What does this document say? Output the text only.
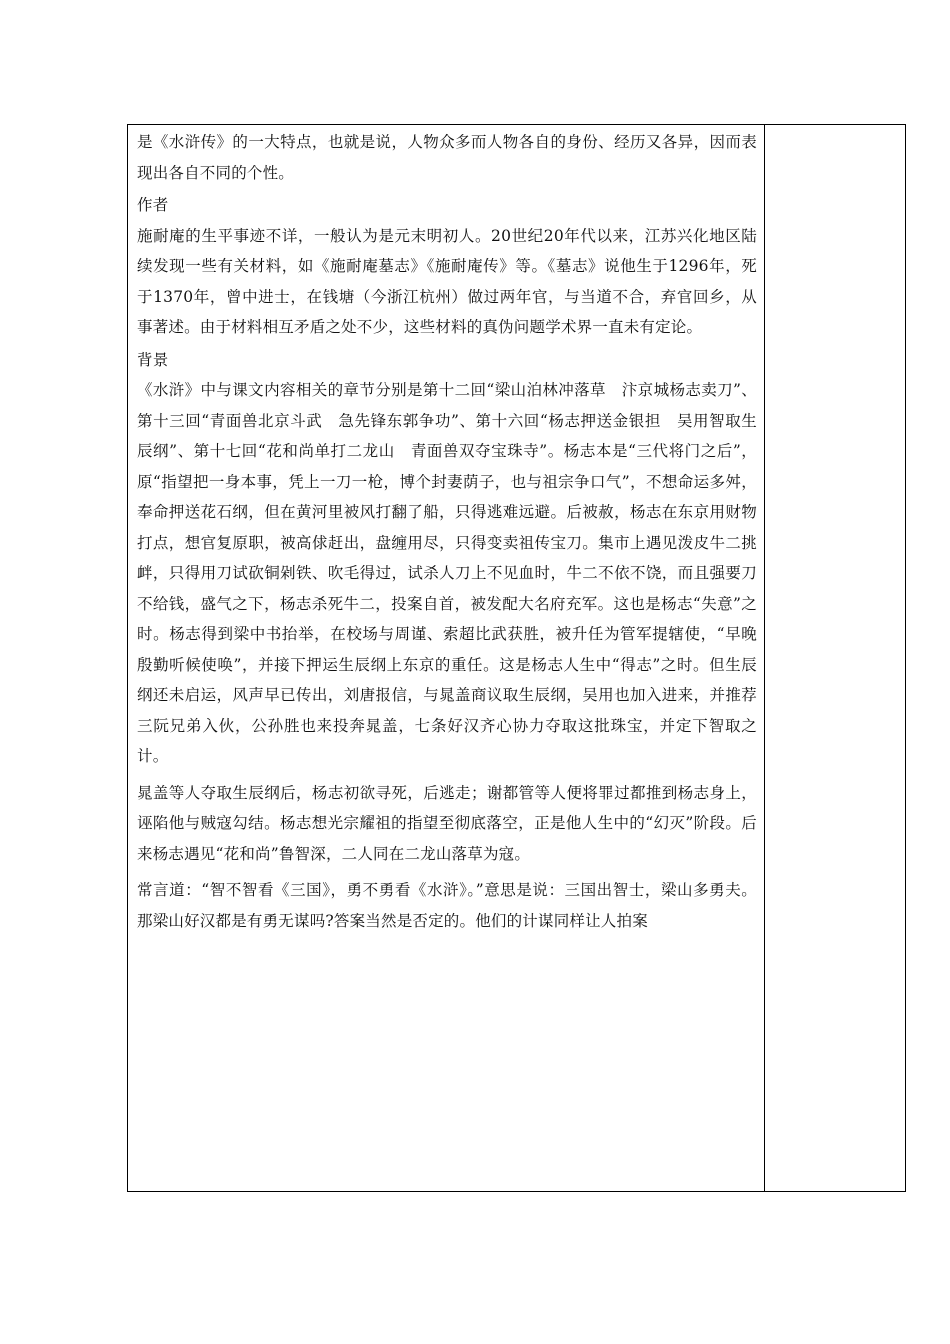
是《水浒传》的一大特点，也就是说，人物众多而人物各自的身份、经历又各异，因而表现出各自不同的个性。

作者

施耐庵的生平事迹不详，一般认为是元末明初人。20世纪20年代以来，江苏兴化地区陆续发现一些有关材料，如《施耐庵墓志》《施耐庵传》等。《墓志》说他生于1296年，死于1370年，曾中进士，在钱塘（今浙江杭州）做过两年官，与当道不合，弃官回乡，从事著述。由于材料相互矛盾之处不少，这些材料的真伪问题学术界一直未有定论。

背景

《水浒》中与课文内容相关的章节分别是第十二回“梁山泊林冲落草　汴京城杨志卖刀”、第十三回“青面兽北京斗武　急先锋东郭争功”、第十六回“杨志押送金银担　吴用智取生辰纲”、第十七回“花和尚单打二龙山　青面兽双夺宝珠寺”。杨志本是“三代将门之后”，原“指望把一身本事，凭上一刀一枪，博个封妻荫子，也与祖宗争口气”，不想命运多舛，奉命押送花石纲，但在黄河里被风打翻了船，只得逃难远避。后被赦，杨志在东京用财物打点，想官复原职，被高俅赶出，盘缠用尽，只得变卖祖传宝刀。集市上遇见泼皮牛二挑衅，只得用刀试砍铜剁铁、吹毛得过，试杀人刀上不见血时，牛二不依不饶，而且强要刀不给钱，盛气之下，杨志杀死牛二，投案自首，被发配大名府充军。这也是杨志“失意”之时。杨志得到梁中书抬举，在校场与周谨、索超比武获胜，被升任为管军提辖使，“早晚殷勤听候使唤”，并接下押运生辰纲上东京的重任。这是杨志人生中“得志”之时。但生辰纲还未启运，风声早已传出，刘唐报信，与晁盖商议取生辰纲，吴用也加入进来，并推荐三阮兄弟入伙，公孙胜也来投奔晁盖，七条好汉齐心协力夺取这批珠宝，并定下智取之计。

晁盖等人夺取生辰纲后，杨志初欲寻死，后逃走；谢都管等人便将罪过都推到杨志身上，诬陷他与贼寇勾结。杨志想光宗耀祖的指望至彻底落空，正是他人生中的“幻灭”阶段。后来杨志遇见“花和尚”鲁智深，二人同在二龙山落草为寇。

常言道：“智不智看《三国》，勇不勇看《水浒》。”意思是说：三国出智士，梁山多勇夫。那梁山好汉都是有勇无谋吗?答案当然是否定的。他们的计谋同样让人拍案
